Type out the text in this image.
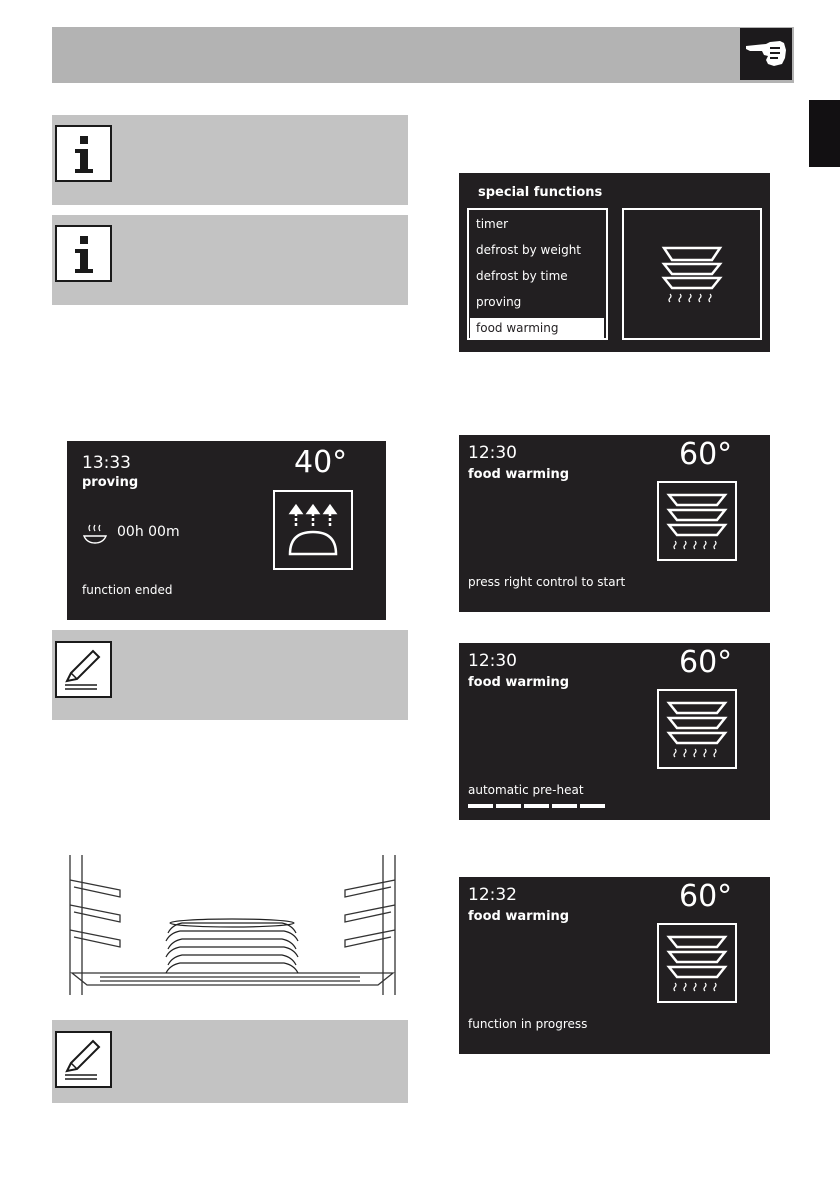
special functions
timer
defrost by weight
defrost by time
proving
food warming
13:33
proving
40°
00h 00m
function ended
12:30
food warming
60°
press right control to start
12:30
food warming
60°
automatic pre-heat
12:32
food warming
60°
function in progress
